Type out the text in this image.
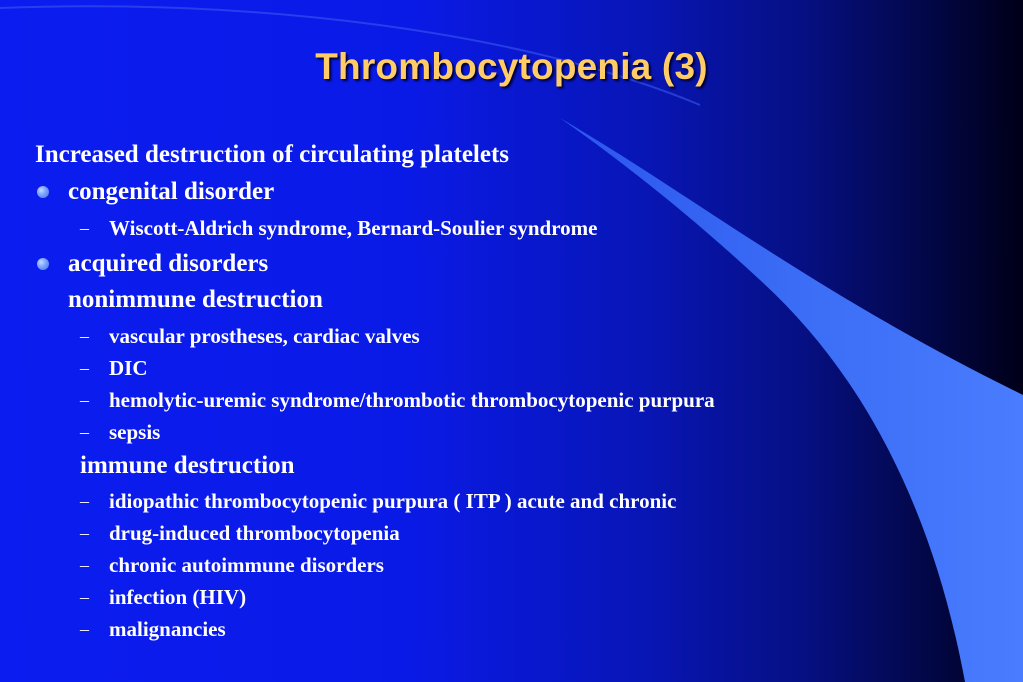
Thrombocytopenia (3)
Increased destruction of circulating platelets
congenital disorder
– Wiscott-Aldrich syndrome, Bernard-Soulier syndrome
acquired disorders
nonimmune destruction
– vascular prostheses, cardiac valves
– DIC
– hemolytic-uremic syndrome/thrombotic thrombocytopenic purpura
– sepsis
immune destruction
– idiopathic thrombocytopenic purpura ( ITP ) acute and chronic
– drug-induced thrombocytopenia
– chronic autoimmune disorders
– infection (HIV)
– malignancies
